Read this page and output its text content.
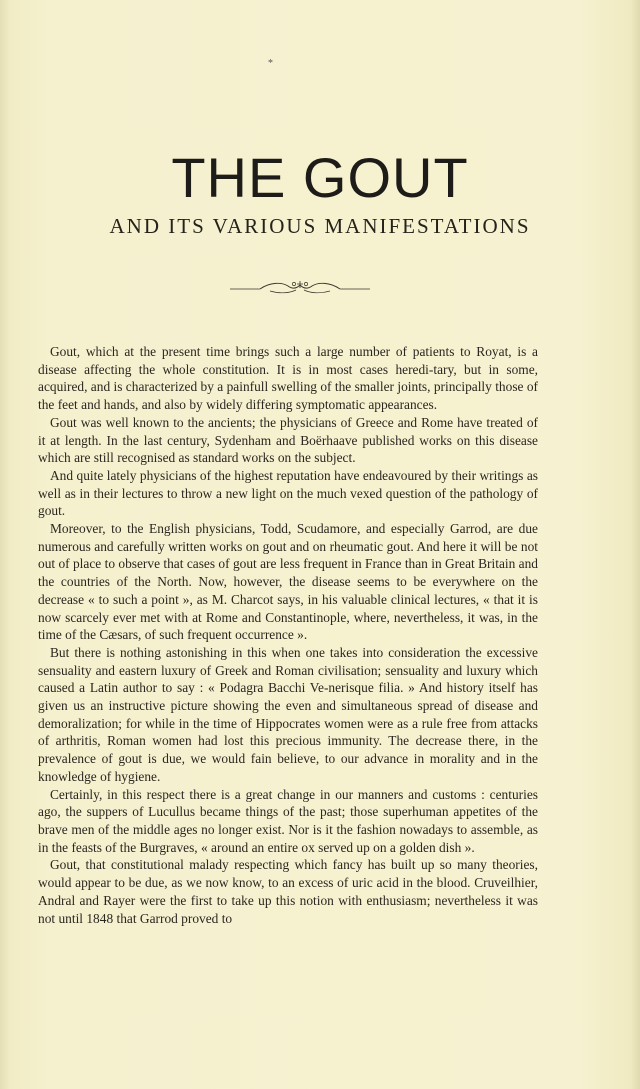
*
THE GOUT
AND ITS VARIOUS MANIFESTATIONS

Gout, which at the present time brings such a large number of patients to Royat, is a disease affecting the whole constitution. It is in most cases heredi-tary, but in some, acquired, and is characterized by a painfull swelling of the smaller joints, principally those of the feet and hands, and also by widely differing symptomatic appearances.

Gout was well known to the ancients; the physicians of Greece and Rome have treated of it at length. In the last century, Sydenham and Boërhaave published works on this disease which are still recognised as standard works on the subject.

And quite lately physicians of the highest reputation have endeavoured by their writings as well as in their lectures to throw a new light on the much vexed question of the pathology of gout.

Moreover, to the English physicians, Todd, Scudamore, and especially Garrod, are due numerous and carefully written works on gout and on rheumatic gout. And here it will be not out of place to observe that cases of gout are less frequent in France than in Great Britain and the countries of the North. Now, however, the disease seems to be everywhere on the decrease « to such a point », as M. Charcot says, in his valuable clinical lectures, « that it is now scarcely ever met with at Rome and Constantinople, where, nevertheless, it was, in the time of the Cæsars, of such frequent occurrence ».

But there is nothing astonishing in this when one takes into consideration the excessive sensuality and eastern luxury of Greek and Roman civilisation; sensuality and luxury which caused a Latin author to say : « Podagra Bacchi Ve-nerisque filia. » And history itself has given us an instructive picture showing the even and simultaneous spread of disease and demoralization; for while in the time of Hippocrates women were as a rule free from attacks of arthritis, Roman women had lost this precious immunity. The decrease there, in the prevalence of gout is due, we would fain believe, to our advance in morality and in the knowledge of hygiene.

Certainly, in this respect there is a great change in our manners and customs : centuries ago, the suppers of Lucullus became things of the past; those superhuman appetites of the brave men of the middle ages no longer exist. Nor is it the fashion nowadays to assemble, as in the feasts of the Burgraves, « around an entire ox served up on a golden dish ».

Gout, that constitutional malady respecting which fancy has built up so many theories, would appear to be due, as we now know, to an excess of uric acid in the blood. Cruveilhier, Andral and Rayer were the first to take up this notion with enthusiasm; nevertheless it was not until 1848 that Garrod proved to
